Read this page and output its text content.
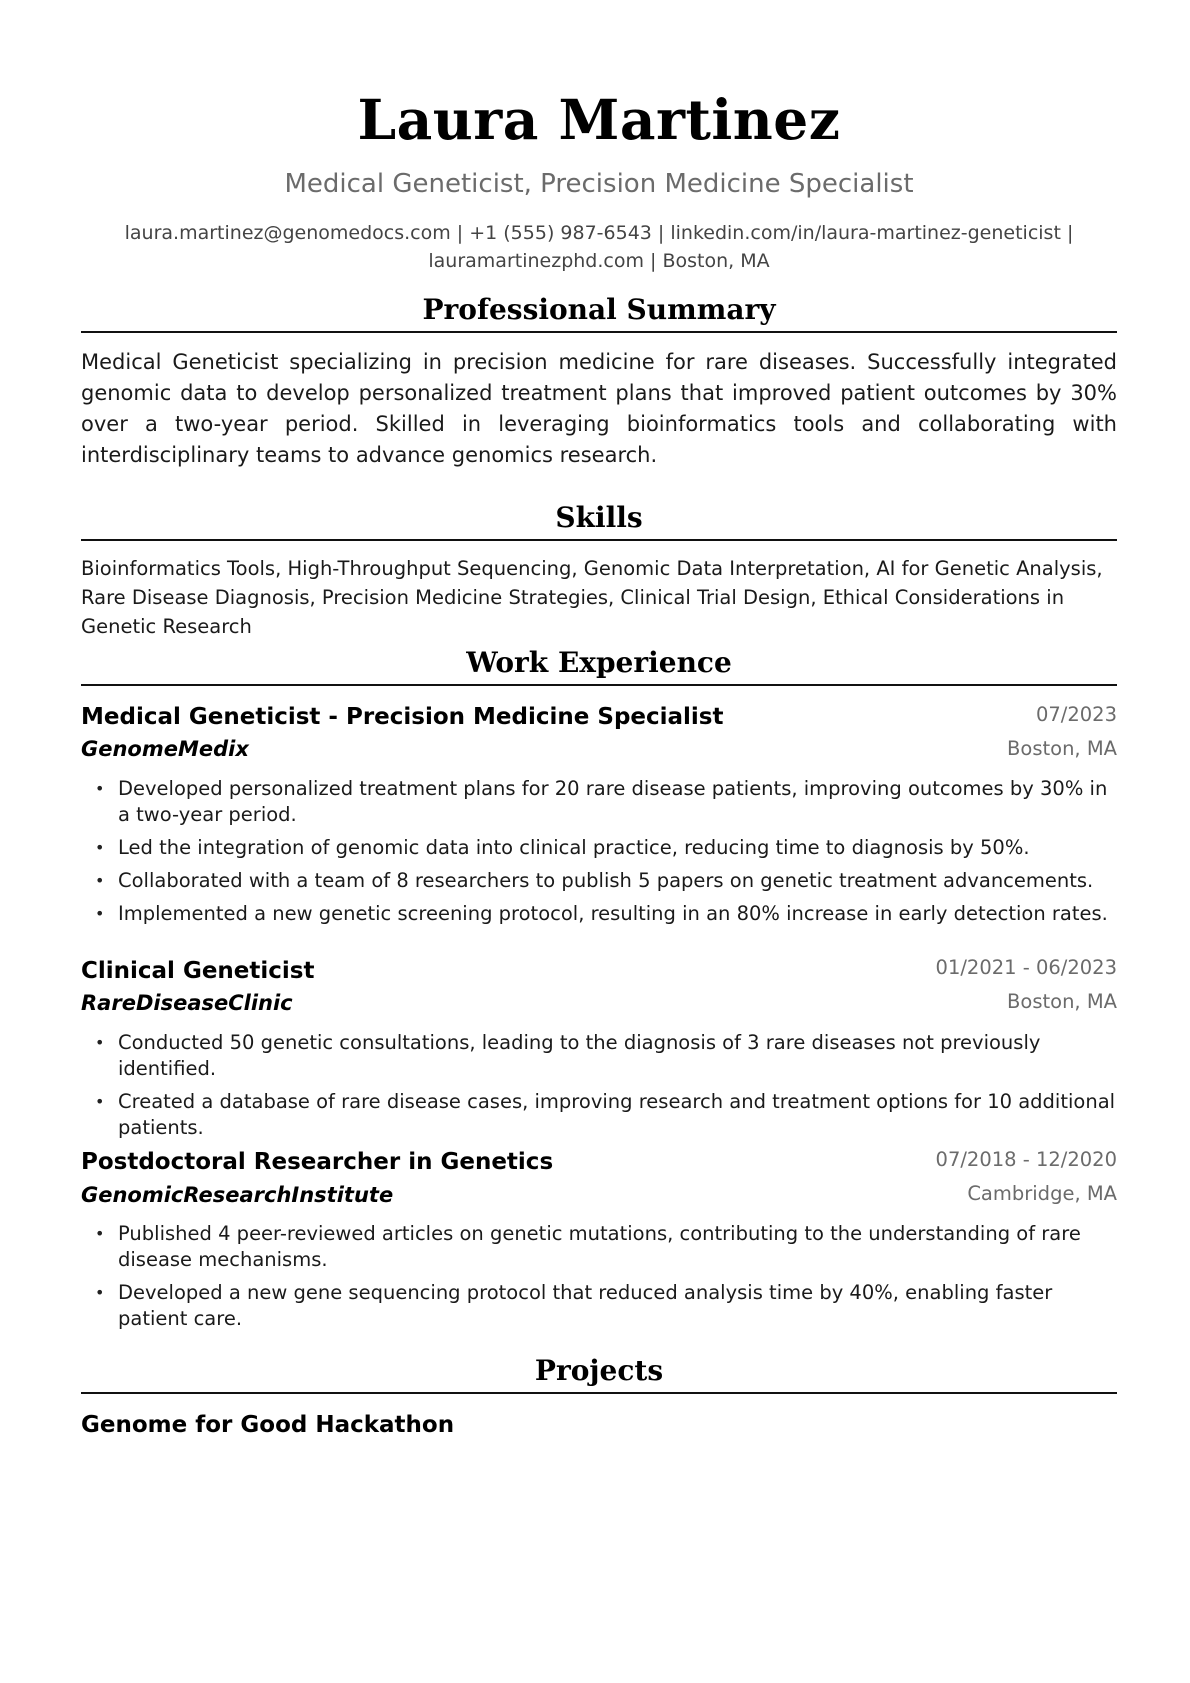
Laura Martinez
Medical Geneticist, Precision Medicine Specialist
laura.martinez@genomedocs.com | +1 (555) 987-6543 | linkedin.com/in/laura-martinez-geneticist |
lauramartinezphd.com | Boston, MA
Professional Summary
Medical Geneticist specializing in precision medicine for rare diseases. Successfully integrated genomic data to develop personalized treatment plans that improved patient outcomes by 30% over a two-year period. Skilled in leveraging bioinformatics tools and collaborating with interdisciplinary teams to advance genomics research.
Skills
Bioinformatics Tools, High-Throughput Sequencing, Genomic Data Interpretation, AI for Genetic Analysis, Rare Disease Diagnosis, Precision Medicine Strategies, Clinical Trial Design, Ethical Considerations in Genetic Research
Work Experience
Medical Geneticist - Precision Medicine Specialist	07/2023
GenomeMedix	Boston, MA
• Developed personalized treatment plans for 20 rare disease patients, improving outcomes by 30% in a two-year period.
• Led the integration of genomic data into clinical practice, reducing time to diagnosis by 50%.
• Collaborated with a team of 8 researchers to publish 5 papers on genetic treatment advancements.
• Implemented a new genetic screening protocol, resulting in an 80% increase in early detection rates.
Clinical Geneticist	01/2021 - 06/2023
RareDiseaseClinic	Boston, MA
• Conducted 50 genetic consultations, leading to the diagnosis of 3 rare diseases not previously identified.
• Created a database of rare disease cases, improving research and treatment options for 10 additional patients.
Postdoctoral Researcher in Genetics	07/2018 - 12/2020
GenomicResearchInstitute	Cambridge, MA
• Published 4 peer-reviewed articles on genetic mutations, contributing to the understanding of rare disease mechanisms.
• Developed a new gene sequencing protocol that reduced analysis time by 40%, enabling faster patient care.
Projects
Genome for Good Hackathon
